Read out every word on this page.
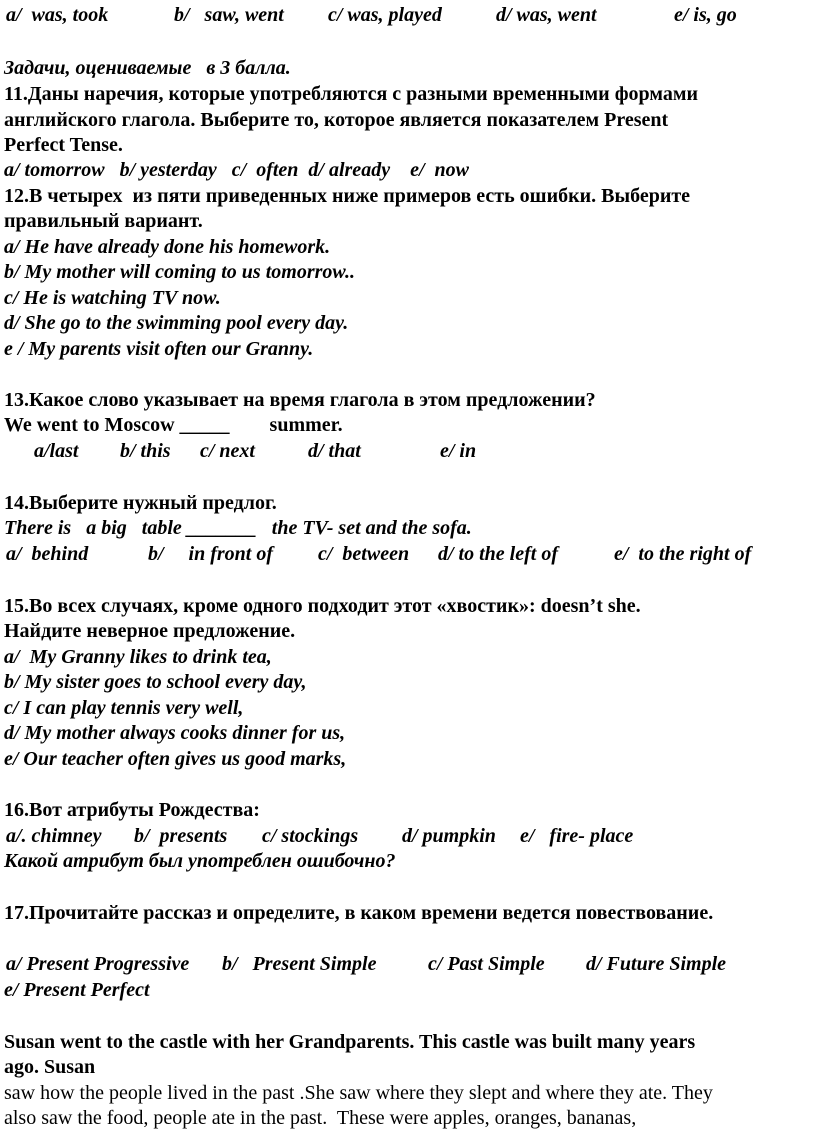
a/  was, took	b/   saw, went c/ was, played	d/ was, went	e/ is, go
Задачи, оцениваемые   в 3 балла.
11.Даны наречия, которые употребляются с разными временными формами
английского глагола. Выберите то, которое является показателем Present
Perfect Tense.
a/ tomorrow   b/ yesterday   c/  often  d/ already    e/  now
12.В четырех  из пяти приведенных ниже примеров есть ошибки. Выберите
правильный вариант.
a/ He have already done his homework.
b/ My mother will coming to us tomorrow..
c/ He is watching TV now.
d/ She go to the swimming pool every day.
e / My parents visit often our Granny.
13.Какое слово указывает на время глагола в этом предложении?
We went to Moscow _____        summer.
a/last b/ this c/ next	d/ that	e/ in
14.Выберите нужный предлог.
There is   a big   table _______   the TV- set and the sofa.
a/  behind	b/     in front of c/  between d/ to the left of	e/  to the right of
15.Во всех случаях, кроме одного подходит этот «хвостик»: doesn’t she.
Найдите неверное предложение.
a/  My Granny likes to drink tea,
b/ My sister goes to school every day,
c/ I can play tennis very well,
d/ My mother always cooks dinner for us,
e/ Our teacher often gives us good marks,
16.Вот атрибуты Рождества:
a/. chimney b/  presents c/ stockings d/ pumpkin e/   fire- place
Какой атрибут был употреблен ошибочно?
17.Прочитайте рассказ и определите, в каком времени ведется повествование.
a/ Present Progressive b/   Present Simple	c/ Past Simple d/ Future Simple
e/ Present Perfect
Susan went to the castle with her Grandparents. This castle was built many years
ago. Susan
saw how the people lived in the past .She saw where they slept and where they ate. They
also saw the food, people ate in the past.  These were apples, oranges, bananas,
